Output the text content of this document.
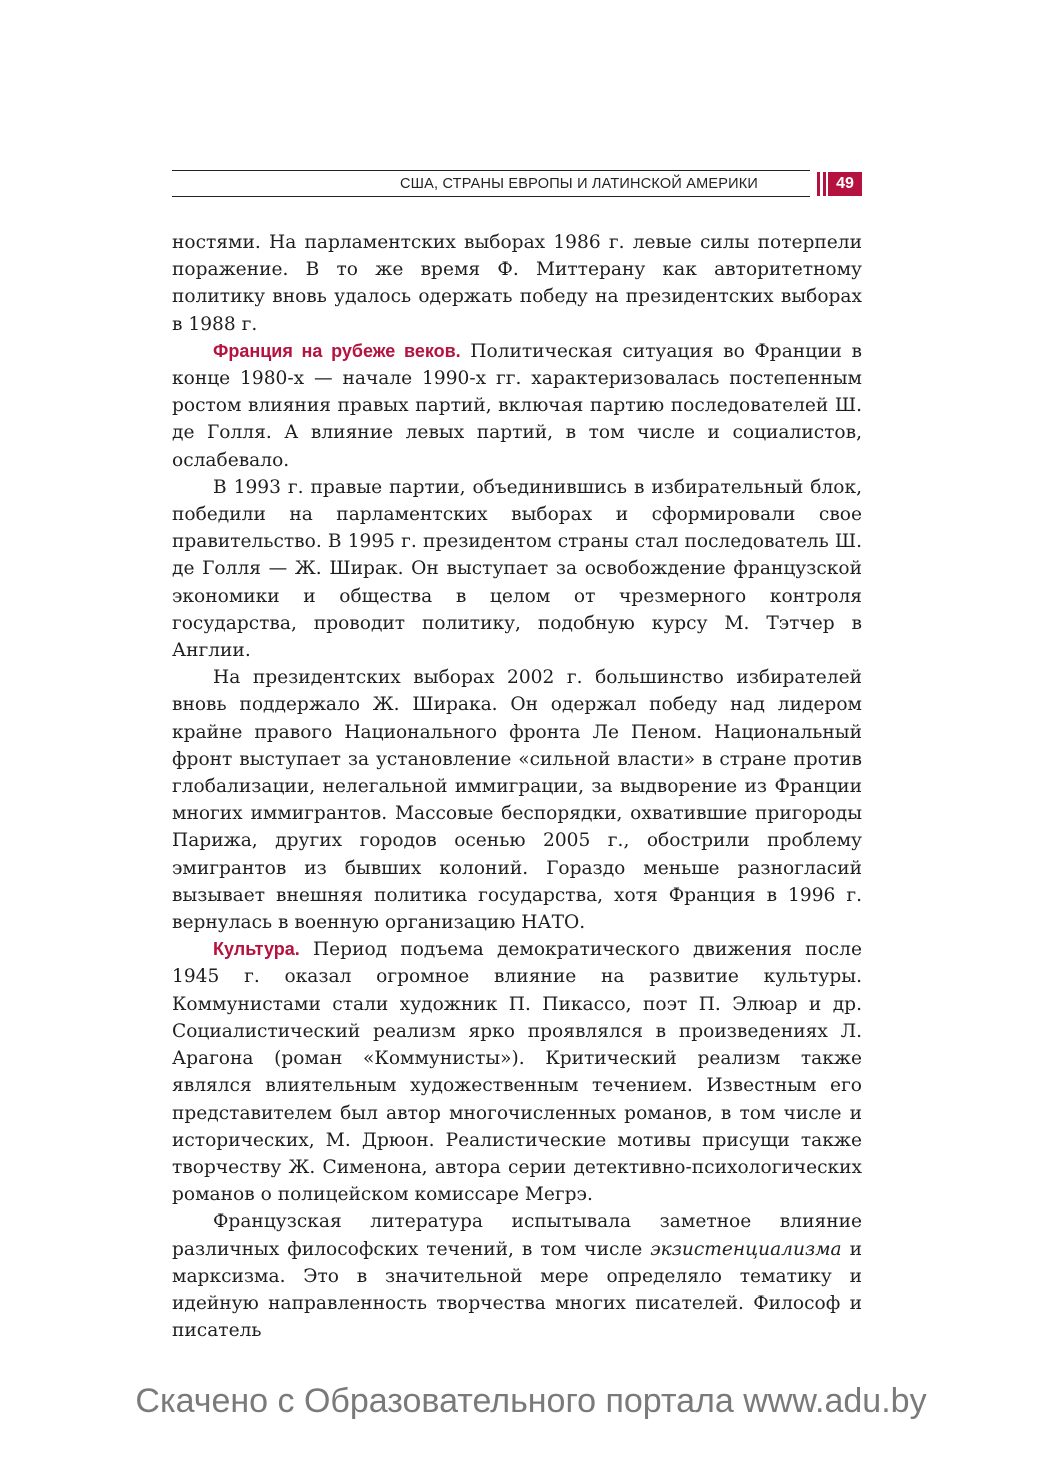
США, СТРАНЫ ЕВРОПЫ И ЛАТИНСКОЙ АМЕРИКИ	49

ностями. На парламентских выборах 1986 г. левые силы потерпели поражение. В то же время Ф. Миттерану как авторитетному политику вновь удалось одержать победу на президентских выборах в 1988 г.

Франция на рубеже веков. Политическая ситуация во Франции в конце 1980-х — начале 1990-х гг. характеризовалась постепенным ростом влияния правых партий, включая партию последователей Ш. де Голля. А влияние левых партий, в том числе и социалистов, ослабевало.

В 1993 г. правые партии, объединившись в избирательный блок, победили на парламентских выборах и сформировали свое правительство. В 1995 г. президентом страны стал последователь Ш. де Голля — Ж. Ширак. Он выступает за освобождение французской экономики и общества в целом от чрезмерного контроля государства, проводит политику, подобную курсу М. Тэтчер в Англии.

На президентских выборах 2002 г. большинство избирателей вновь поддержало Ж. Ширака. Он одержал победу над лидером крайне правого Национального фронта Ле Пеном. Национальный фронт выступает за установление «сильной власти» в стране против глобализации, нелегальной иммиграции, за выдворение из Франции многих иммигрантов. Массовые беспорядки, охватившие пригороды Парижа, других городов осенью 2005 г., обострили проблему эмигрантов из бывших колоний. Гораздо меньше разногласий вызывает внешняя политика государства, хотя Франция в 1996 г. вернулась в военную организацию НАТО.

Культура. Период подъема демократического движения после 1945 г. оказал огромное влияние на развитие культуры. Коммунистами стали художник П. Пикассо, поэт П. Элюар и др. Социалистический реализм ярко проявлялся в произведениях Л. Арагона (роман «Коммунисты»). Критический реализм также являлся влиятельным художественным течением. Известным его представителем был автор многочисленных романов, в том числе и исторических, М. Дрюон. Реалистические мотивы присущи также творчеству Ж. Сименона, автора серии детективно-психологических романов о полицейском комиссаре Мегрэ.

Французская литература испытывала заметное влияние различных философских течений, в том числе экзистенциализма и марксизма. Это в значительной мере определяло тематику и идейную направленность творчества многих писателей. Философ и писатель

Скачено с Образовательного портала www.adu.by
